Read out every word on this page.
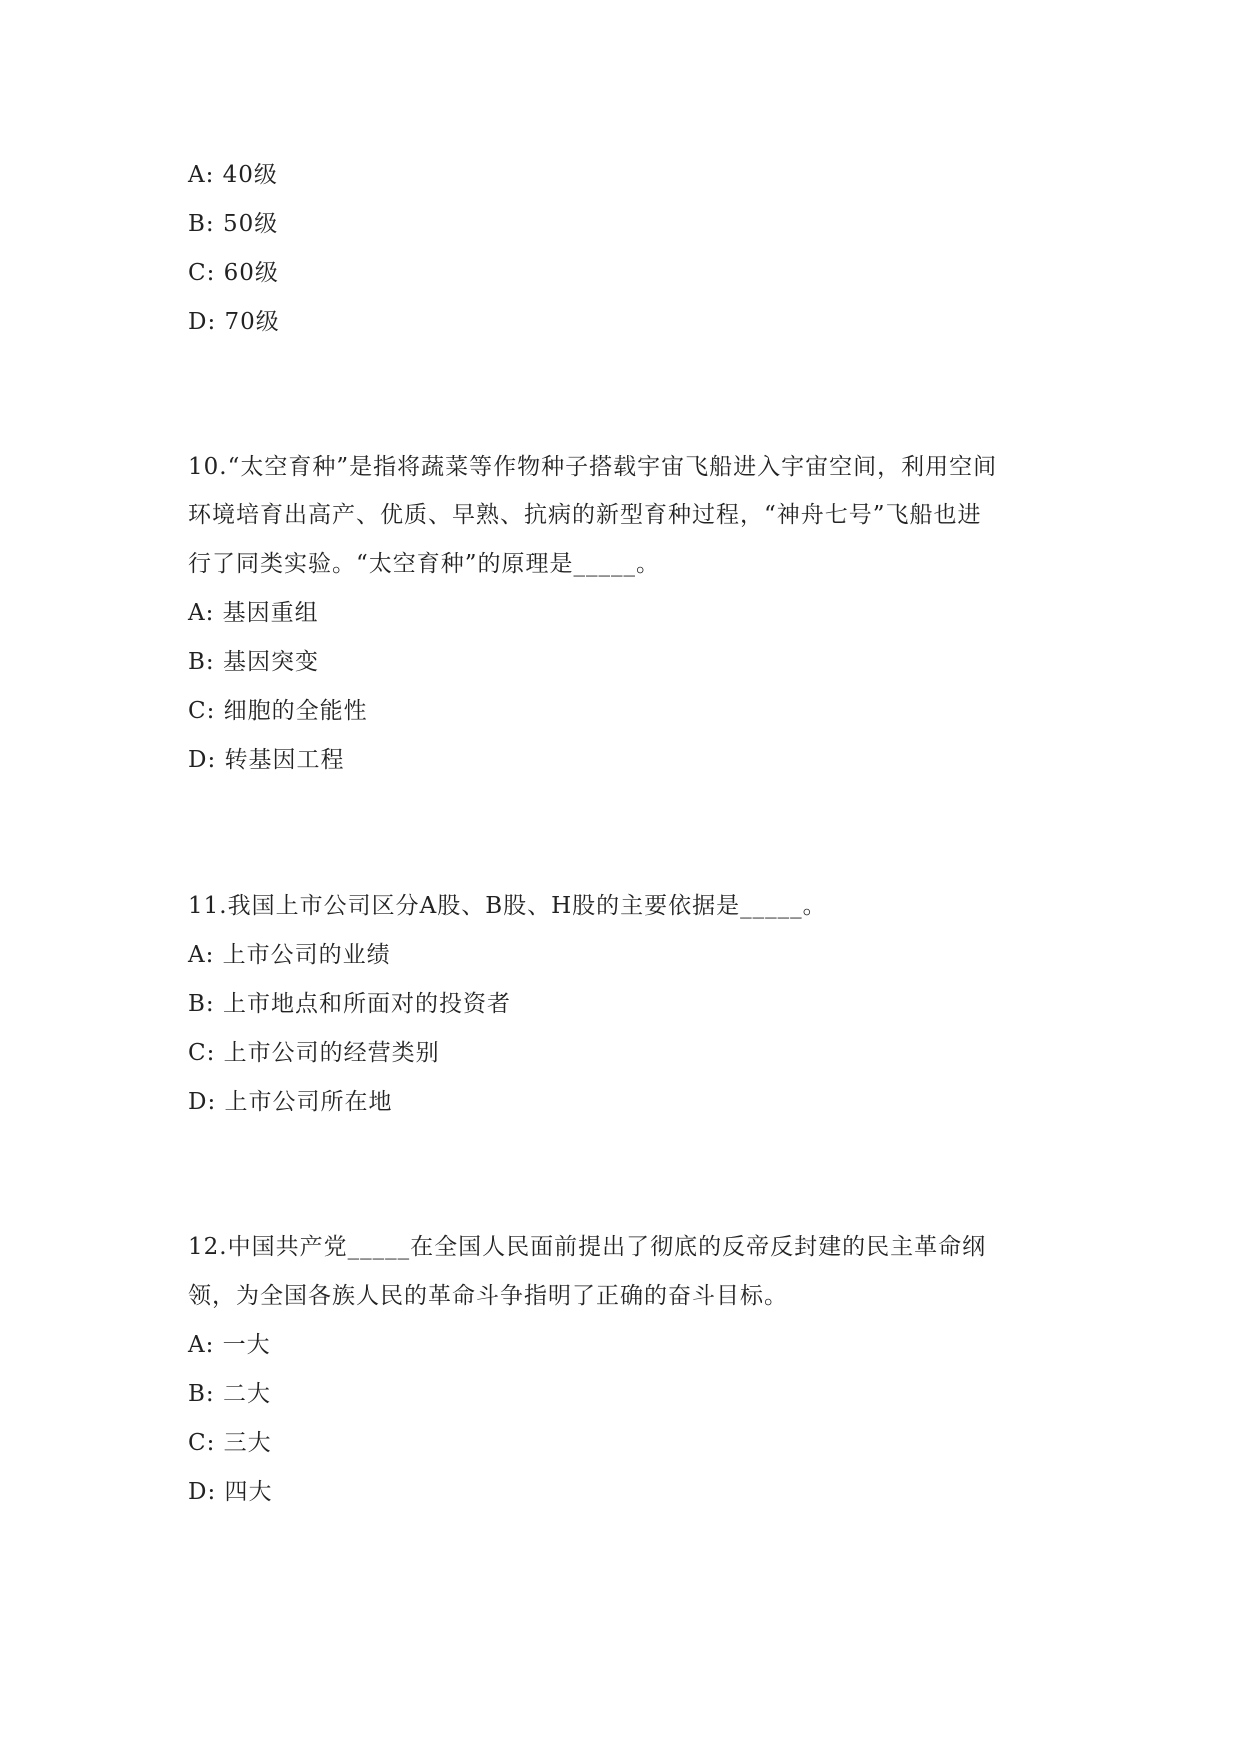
A: 40级
B: 50级
C: 60级
D: 70级
10.“太空育种”是指将蔬菜等作物种子搭载宇宙飞船进入宇宙空间，利用空间
环境培育出高产、优质、早熟、抗病的新型育种过程，“神舟七号”飞船也进
行了同类实验。“太空育种”的原理是_____。
A: 基因重组
B: 基因突变
C: 细胞的全能性
D: 转基因工程
11.我国上市公司区分A股、B股、H股的主要依据是_____。
A: 上市公司的业绩
B: 上市地点和所面对的投资者
C: 上市公司的经营类别
D: 上市公司所在地
12.中国共产党_____在全国人民面前提出了彻底的反帝反封建的民主革命纲
领，为全国各族人民的革命斗争指明了正确的奋斗目标。
A: 一大
B: 二大
C: 三大
D: 四大
